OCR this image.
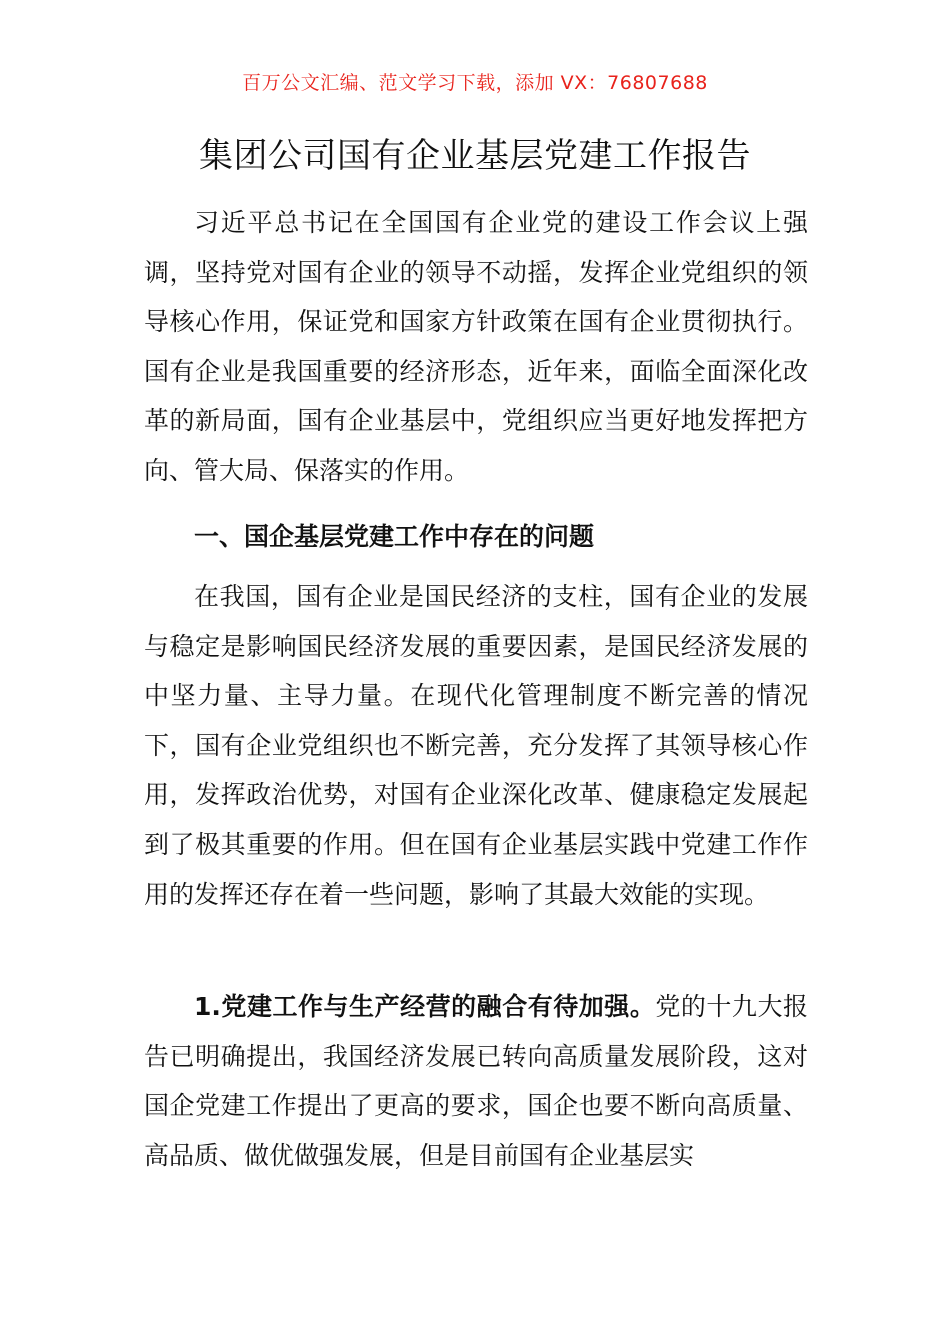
百万公文汇编、范文学习下载，添加 VX：76807688
集团公司国有企业基层党建工作报告
习近平总书记在全国国有企业党的建设工作会议上强调，坚持党对国有企业的领导不动摇，发挥企业党组织的领导核心作用，保证党和国家方针政策在国有企业贯彻执行。国有企业是我国重要的经济形态，近年来，面临全面深化改革的新局面，国有企业基层中，党组织应当更好地发挥把方向、管大局、保落实的作用。
一、国企基层党建工作中存在的问题
在我国，国有企业是国民经济的支柱，国有企业的发展与稳定是影响国民经济发展的重要因素，是国民经济发展的中坚力量、主导力量。在现代化管理制度不断完善的情况下，国有企业党组织也不断完善，充分发挥了其领导核心作用，发挥政治优势，对国有企业深化改革、健康稳定发展起到了极其重要的作用。但在国有企业基层实践中党建工作作用的发挥还存在着一些问题，影响了其最大效能的实现。
1.党建工作与生产经营的融合有待加强。党的十九大报告已明确提出，我国经济发展已转向高质量发展阶段，这对国企党建工作提出了更高的要求，国企也要不断向高质量、高品质、做优做强发展，但是目前国有企业基层实
